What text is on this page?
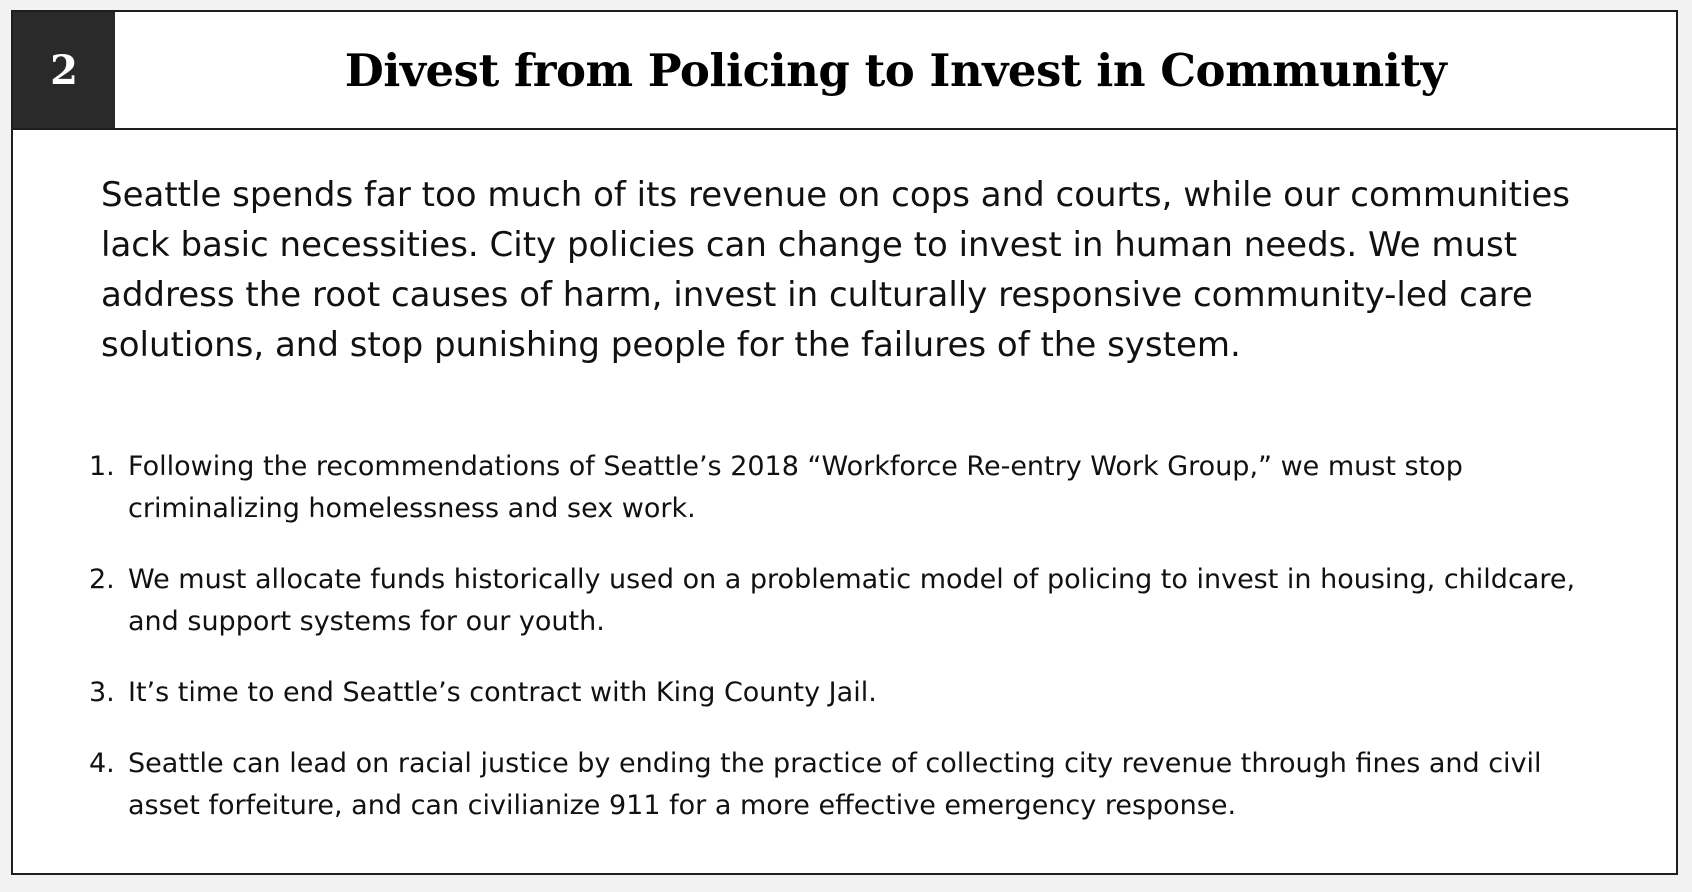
2	Divest from Policing to Invest in Community

Seattle spends far too much of its revenue on cops and courts, while our communities lack basic necessities. City policies can change to invest in human needs. We must address the root causes of harm, invest in culturally responsive community-led care solutions, and stop punishing people for the failures of the system.

1. Following the recommendations of Seattle’s 2018 “Workforce Re-entry Work Group,” we must stop criminalizing homelessness and sex work.
2. We must allocate funds historically used on a problematic model of policing to invest in housing, childcare, and support systems for our youth.
3. It’s time to end Seattle’s contract with King County Jail.
4. Seattle can lead on racial justice by ending the practice of collecting city revenue through fines and civil asset forfeiture, and can civilianize 911 for a more effective emergency response.
